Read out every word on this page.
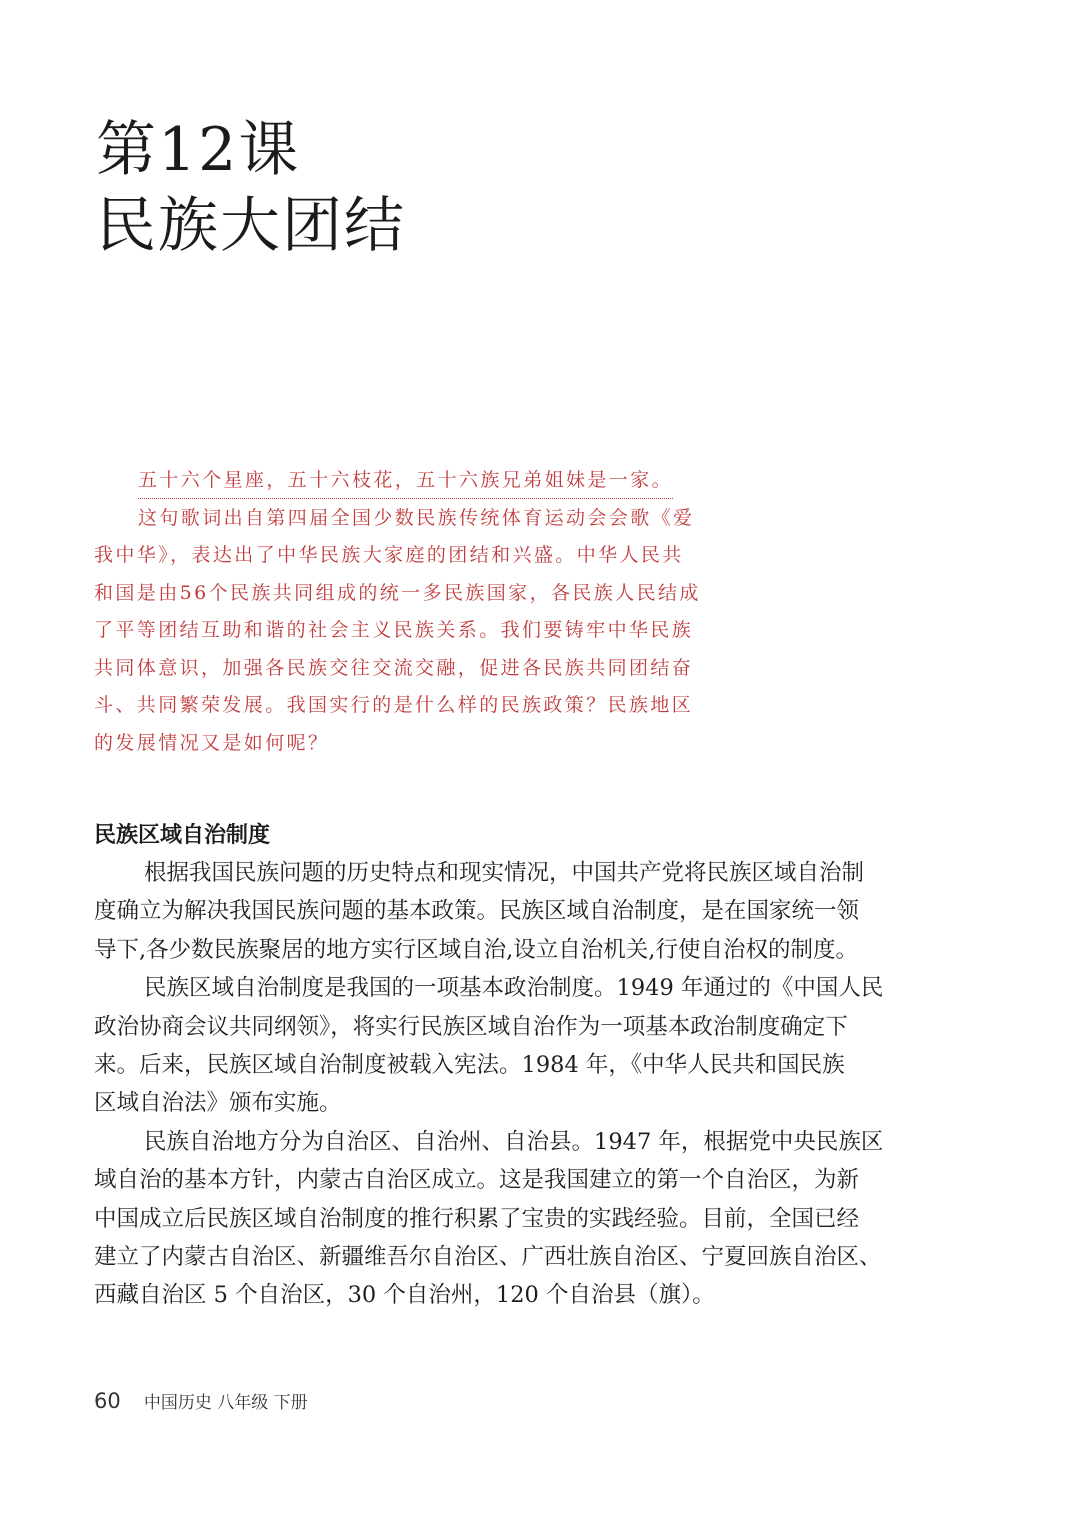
第12课
民族大团结
五十六个星座，五十六枝花，五十六族兄弟姐妹是一家。
这句歌词出自第四届全国少数民族传统体育运动会会歌《爱
我中华》，表达出了中华民族大家庭的团结和兴盛。中华人民共
和国是由56个民族共同组成的统一多民族国家，各民族人民结成
了平等团结互助和谐的社会主义民族关系。我们要铸牢中华民族
共同体意识，加强各民族交往交流交融，促进各民族共同团结奋
斗、共同繁荣发展。我国实行的是什么样的民族政策？民族地区
的发展情况又是如何呢？
民族区域自治制度
根据我国民族问题的历史特点和现实情况，中国共产党将民族区域自治制
度确立为解决我国民族问题的基本政策。民族区域自治制度，是在国家统一领
导下,各少数民族聚居的地方实行区域自治,设立自治机关,行使自治权的制度。
民族区域自治制度是我国的一项基本政治制度。1949 年通过的《中国人民
政治协商会议共同纲领》，将实行民族区域自治作为一项基本政治制度确定下
来。后来，民族区域自治制度被载入宪法。1984 年，《中华人民共和国民族
区域自治法》颁布实施。
民族自治地方分为自治区、自治州、自治县。1947 年，根据党中央民族区
域自治的基本方针，内蒙古自治区成立。这是我国建立的第一个自治区，为新
中国成立后民族区域自治制度的推行积累了宝贵的实践经验。目前，全国已经
建立了内蒙古自治区、新疆维吾尔自治区、广西壮族自治区、宁夏回族自治区、
西藏自治区 5 个自治区，30 个自治州，120 个自治县（旗）。
60 中国历史 八年级 下册
